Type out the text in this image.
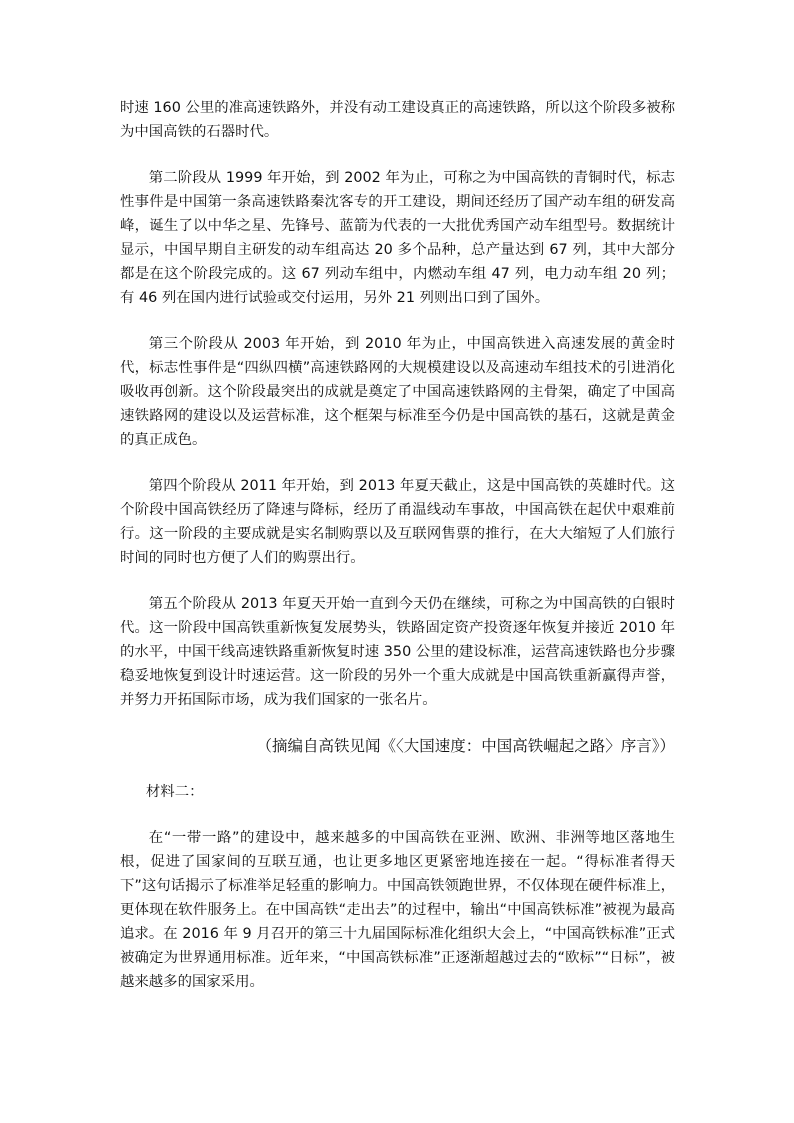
时速 160 公里的准高速铁路外，并没有动工建设真正的高速铁路，所以这个阶段多被称为中国高铁的石器时代。

第二阶段从 1999 年开始，到 2002 年为止，可称之为中国高铁的青铜时代，标志性事件是中国第一条高速铁路秦沈客专的开工建设，期间还经历了国产动车组的研发高峰，诞生了以中华之星、先锋号、蓝箭为代表的一大批优秀国产动车组型号。数据统计显示，中国早期自主研发的动车组高达 20 多个品种，总产量达到 67 列，其中大部分都是在这个阶段完成的。这 67 列动车组中，内燃动车组 47 列，电力动车组 20 列；有 46 列在国内进行试验或交付运用，另外 21 列则出口到了国外。

第三个阶段从 2003 年开始，到 2010 年为止，中国高铁进入高速发展的黄金时代，标志性事件是“四纵四横”高速铁路网的大规模建设以及高速动车组技术的引进消化吸收再创新。这个阶段最突出的成就是奠定了中国高速铁路网的主骨架，确定了中国高速铁路网的建设以及运营标准，这个框架与标准至今仍是中国高铁的基石，这就是黄金的真正成色。

第四个阶段从 2011 年开始，到 2013 年夏天截止，这是中国高铁的英雄时代。这个阶段中国高铁经历了降速与降标，经历了甬温线动车事故，中国高铁在起伏中艰难前行。这一阶段的主要成就是实名制购票以及互联网售票的推行，在大大缩短了人们旅行时间的同时也方便了人们的购票出行。

第五个阶段从 2013 年夏天开始一直到今天仍在继续，可称之为中国高铁的白银时代。这一阶段中国高铁重新恢复发展势头，铁路固定资产投资逐年恢复并接近 2010 年的水平，中国干线高速铁路重新恢复时速 350 公里的建设标准，运营高速铁路也分步骤稳妥地恢复到设计时速运营。这一阶段的另外一个重大成就是中国高铁重新赢得声誉，并努力开拓国际市场，成为我们国家的一张名片。

（摘编自高铁见闻《〈大国速度：中国高铁崛起之路〉序言》）

材料二：

在“一带一路”的建设中，越来越多的中国高铁在亚洲、欧洲、非洲等地区落地生根，促进了国家间的互联互通，也让更多地区更紧密地连接在一起。“得标准者得天下”这句话揭示了标准举足轻重的影响力。中国高铁领跑世界，不仅体现在硬件标准上，更体现在软件服务上。在中国高铁“走出去”的过程中，输出“中国高铁标准”被视为最高追求。在 2016 年 9 月召开的第三十九届国际标准化组织大会上，“中国高铁标准”正式被确定为世界通用标准。近年来，“中国高铁标准”正逐渐超越过去的“欧标”“日标”，被越来越多的国家采用。
